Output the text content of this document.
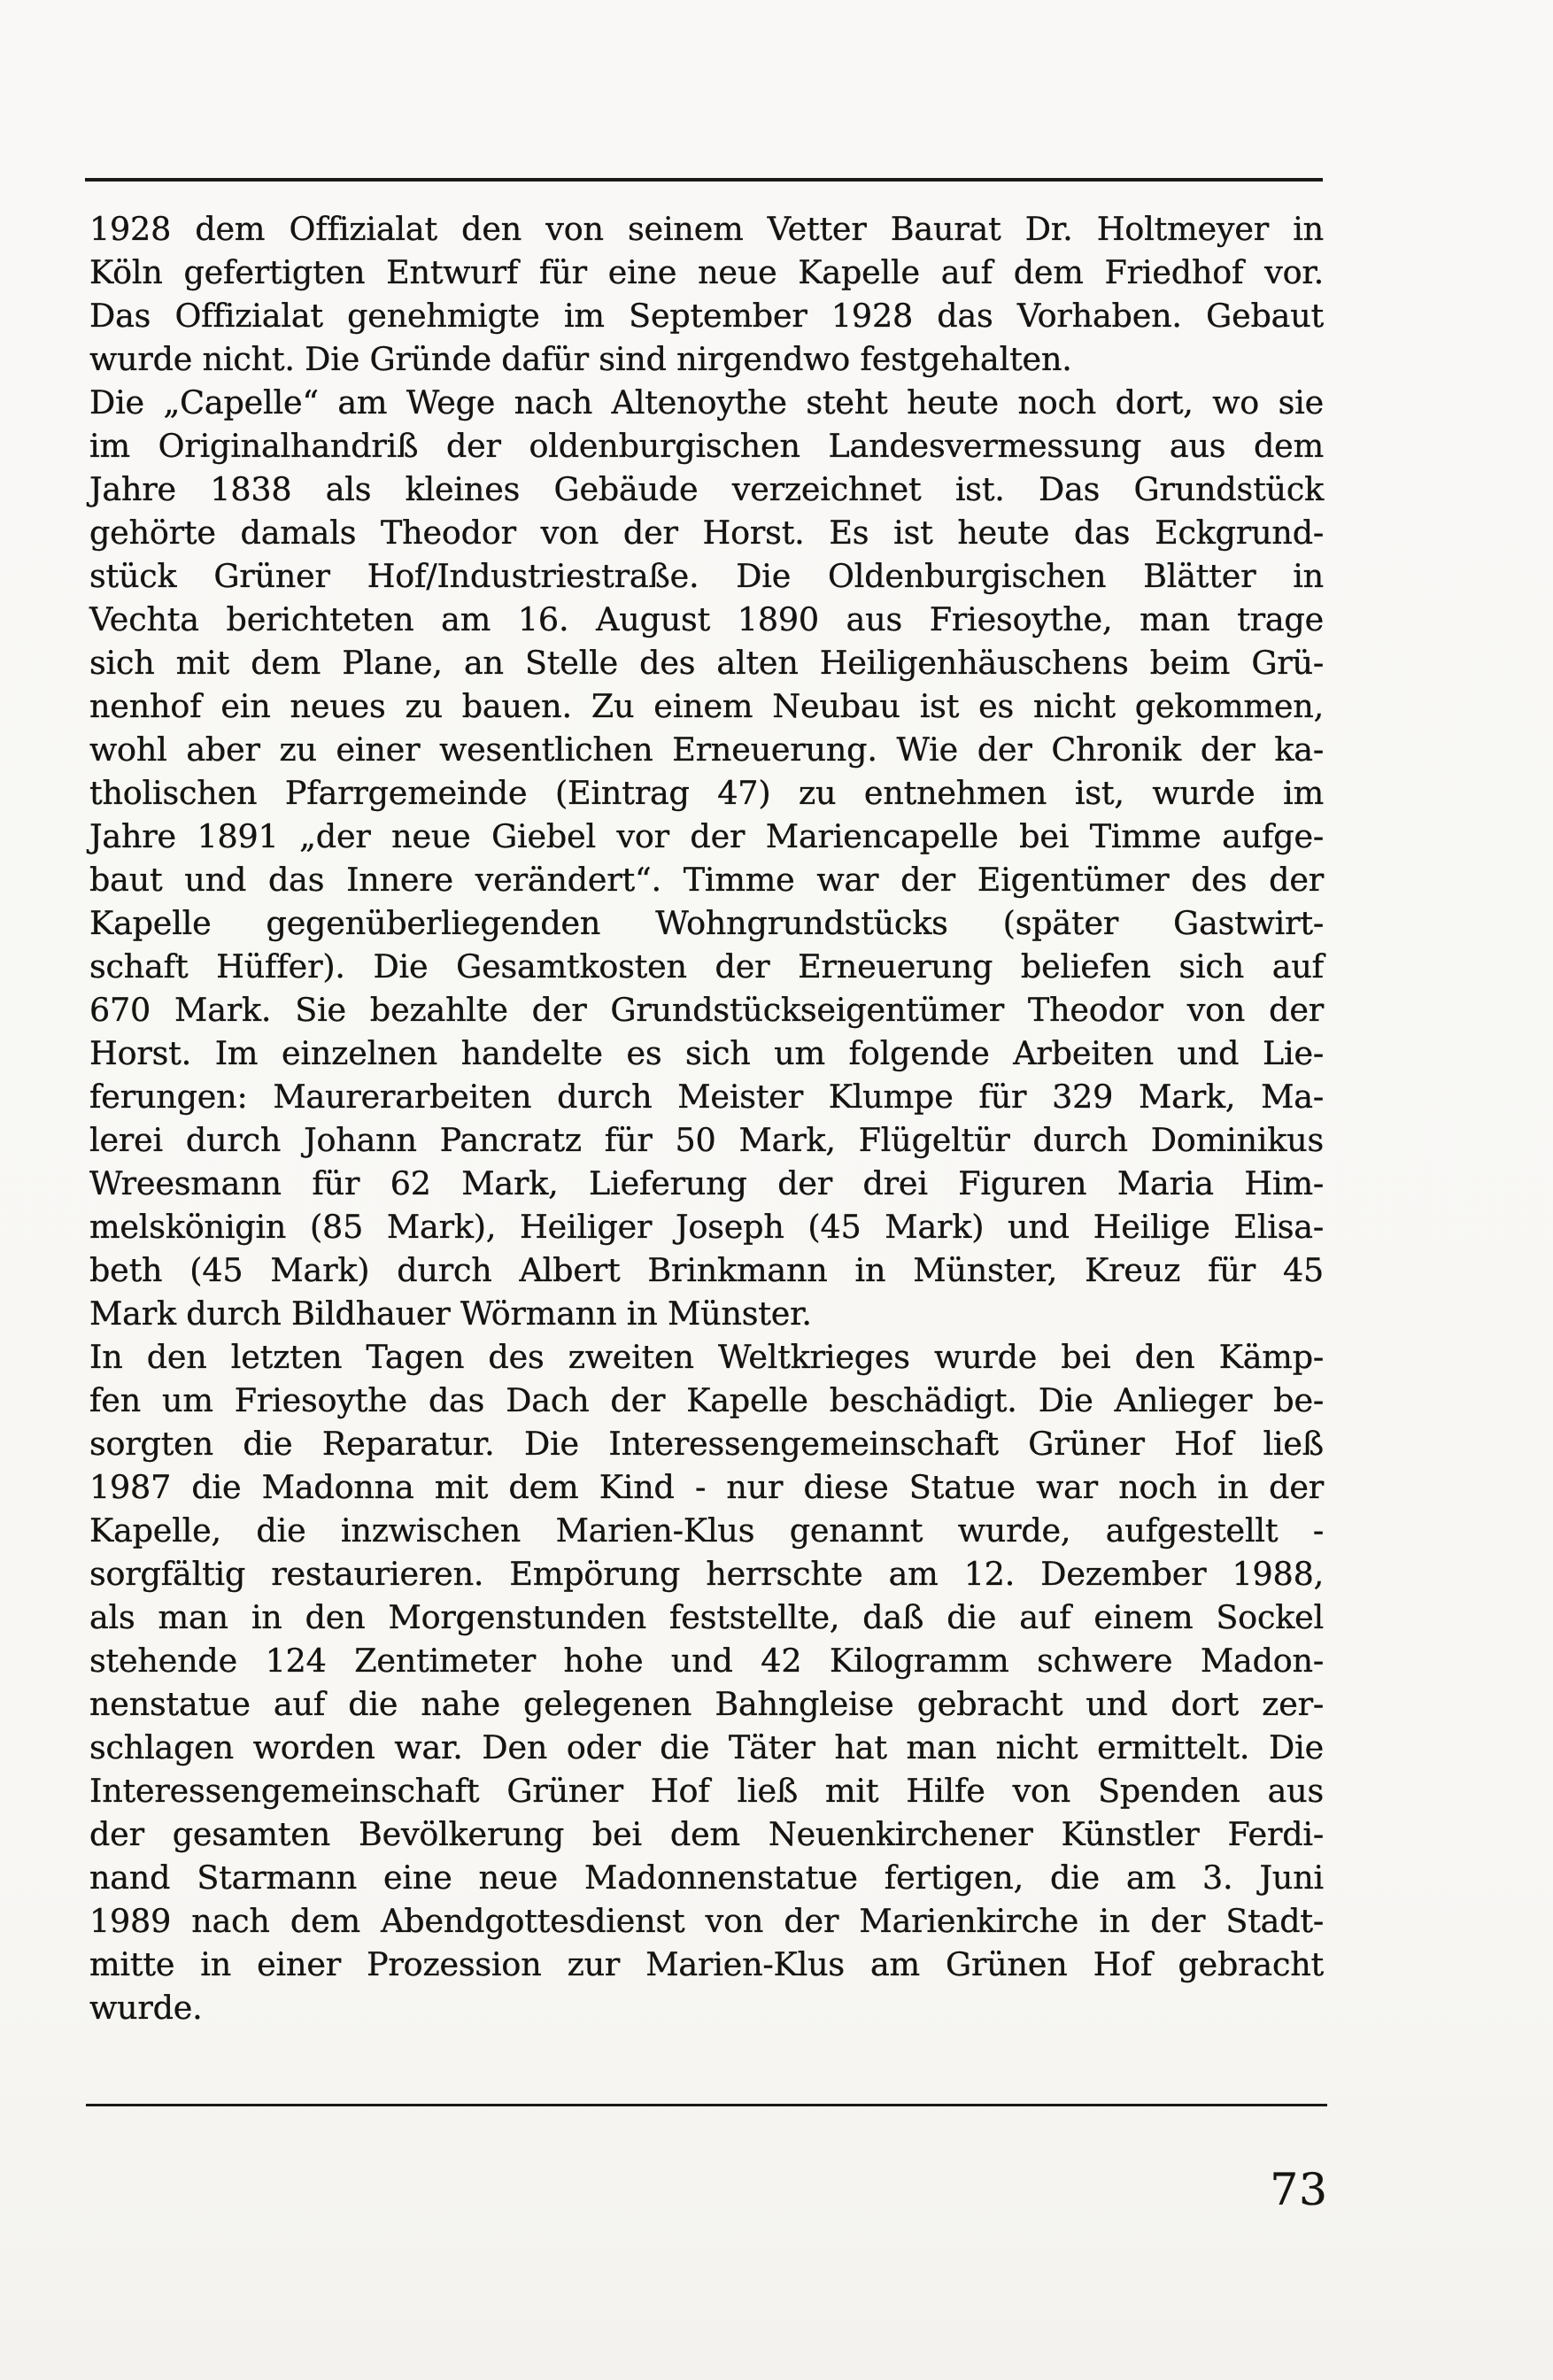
1928 dem Offizialat den von seinem Vetter Baurat Dr. Holtmeyer in
Köln gefertigten Entwurf für eine neue Kapelle auf dem Friedhof vor.
Das Offizialat genehmigte im September 1928 das Vorhaben. Gebaut
wurde nicht. Die Gründe dafür sind nirgendwo festgehalten.
Die „Capelle“ am Wege nach Altenoythe steht heute noch dort, wo sie
im Originalhandriß der oldenburgischen Landesvermessung aus dem
Jahre 1838 als kleines Gebäude verzeichnet ist. Das Grundstück
gehörte damals Theodor von der Horst. Es ist heute das Eckgrund-
stück Grüner Hof/Industriestraße. Die Oldenburgischen Blätter in
Vechta berichteten am 16. August 1890 aus Friesoythe, man trage
sich mit dem Plane, an Stelle des alten Heiligenhäuschens beim Grü-
nenhof ein neues zu bauen. Zu einem Neubau ist es nicht gekommen,
wohl aber zu einer wesentlichen Erneuerung. Wie der Chronik der ka-
tholischen Pfarrgemeinde (Eintrag 47) zu entnehmen ist, wurde im
Jahre 1891 „der neue Giebel vor der Mariencapelle bei Timme aufge-
baut und das Innere verändert“. Timme war der Eigentümer des der
Kapelle gegenüberliegenden Wohngrundstücks (später Gastwirt-
schaft Hüffer). Die Gesamtkosten der Erneuerung beliefen sich auf
670 Mark. Sie bezahlte der Grundstückseigentümer Theodor von der
Horst. Im einzelnen handelte es sich um folgende Arbeiten und Lie-
ferungen: Maurerarbeiten durch Meister Klumpe für 329 Mark, Ma-
lerei durch Johann Pancratz für 50 Mark, Flügeltür durch Dominikus
Wreesmann für 62 Mark, Lieferung der drei Figuren Maria Him-
melskönigin (85 Mark), Heiliger Joseph (45 Mark) und Heilige Elisa-
beth (45 Mark) durch Albert Brinkmann in Münster, Kreuz für 45
Mark durch Bildhauer Wörmann in Münster.
In den letzten Tagen des zweiten Weltkrieges wurde bei den Kämp-
fen um Friesoythe das Dach der Kapelle beschädigt. Die Anlieger be-
sorgten die Reparatur. Die Interessengemeinschaft Grüner Hof ließ
1987 die Madonna mit dem Kind - nur diese Statue war noch in der
Kapelle, die inzwischen Marien-Klus genannt wurde, aufgestellt -
sorgfältig restaurieren. Empörung herrschte am 12. Dezember 1988,
als man in den Morgenstunden feststellte, daß die auf einem Sockel
stehende 124 Zentimeter hohe und 42 Kilogramm schwere Madon-
nenstatue auf die nahe gelegenen Bahngleise gebracht und dort zer-
schlagen worden war. Den oder die Täter hat man nicht ermittelt. Die
Interessengemeinschaft Grüner Hof ließ mit Hilfe von Spenden aus
der gesamten Bevölkerung bei dem Neuenkirchener Künstler Ferdi-
nand Starmann eine neue Madonnenstatue fertigen, die am 3. Juni
1989 nach dem Abendgottesdienst von der Marienkirche in der Stadt-
mitte in einer Prozession zur Marien-Klus am Grünen Hof gebracht
wurde.
73
